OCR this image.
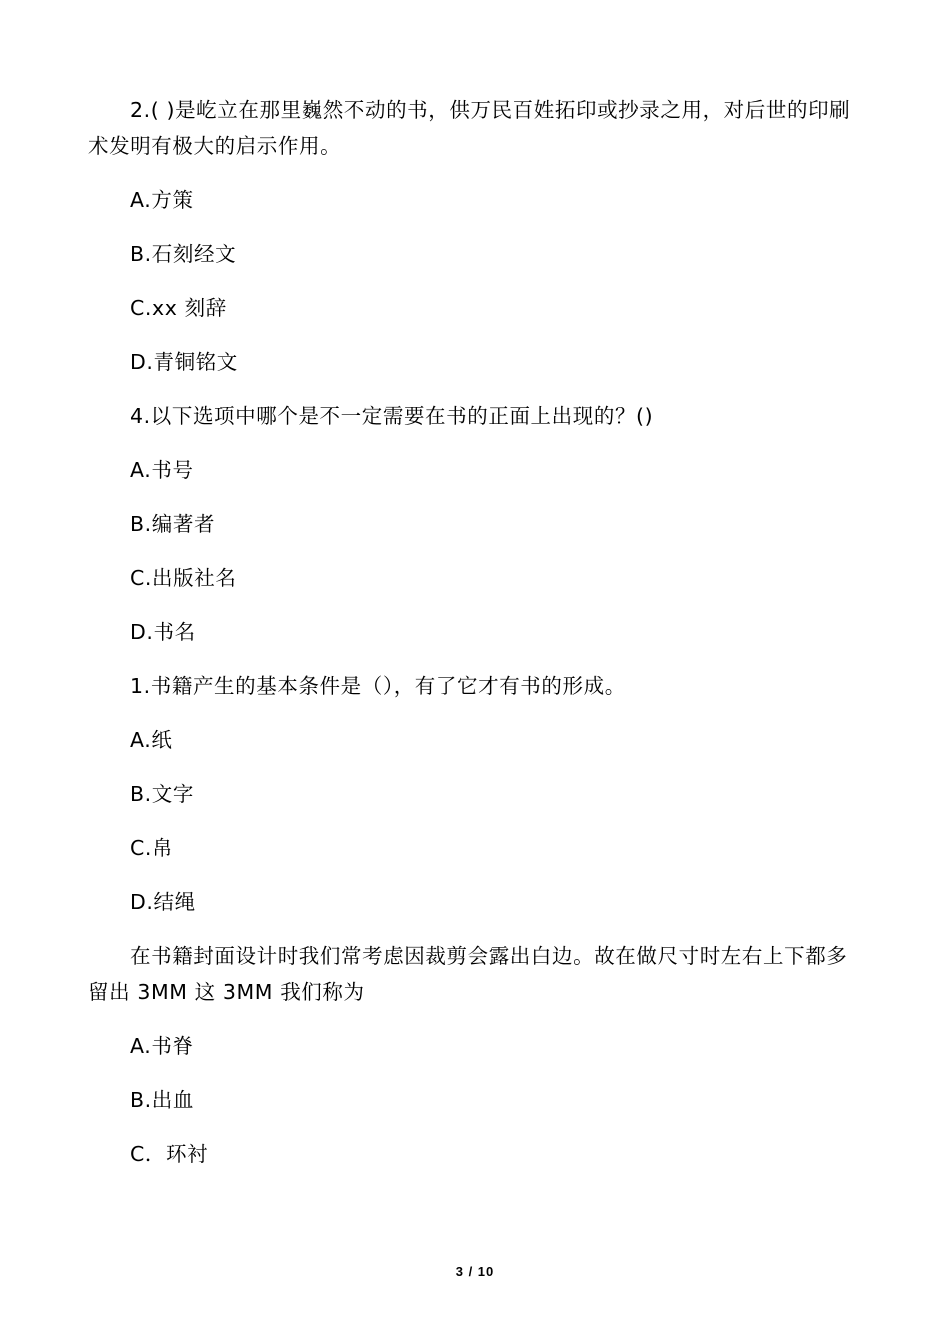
2.( )是屹立在那里巍然不动的书，供万民百姓拓印或抄录之用，对后世的印刷术发明有极大的启示作用。

A.方策

B.石刻经文

C.xx 刻辞

D.青铜铭文

4.以下选项中哪个是不一定需要在书的正面上出现的？()

A.书号

B.编著者

C.出版社名

D.书名

1.书籍产生的基本条件是（），有了它才有书的形成。

A.纸

B.文字

C.帛

D.结绳

在书籍封面设计时我们常考虑因裁剪会露出白边。故在做尺寸时左右上下都多留出 3MM 这 3MM 我们称为

A.书脊

B.出血

C．环衬

3 / 10
